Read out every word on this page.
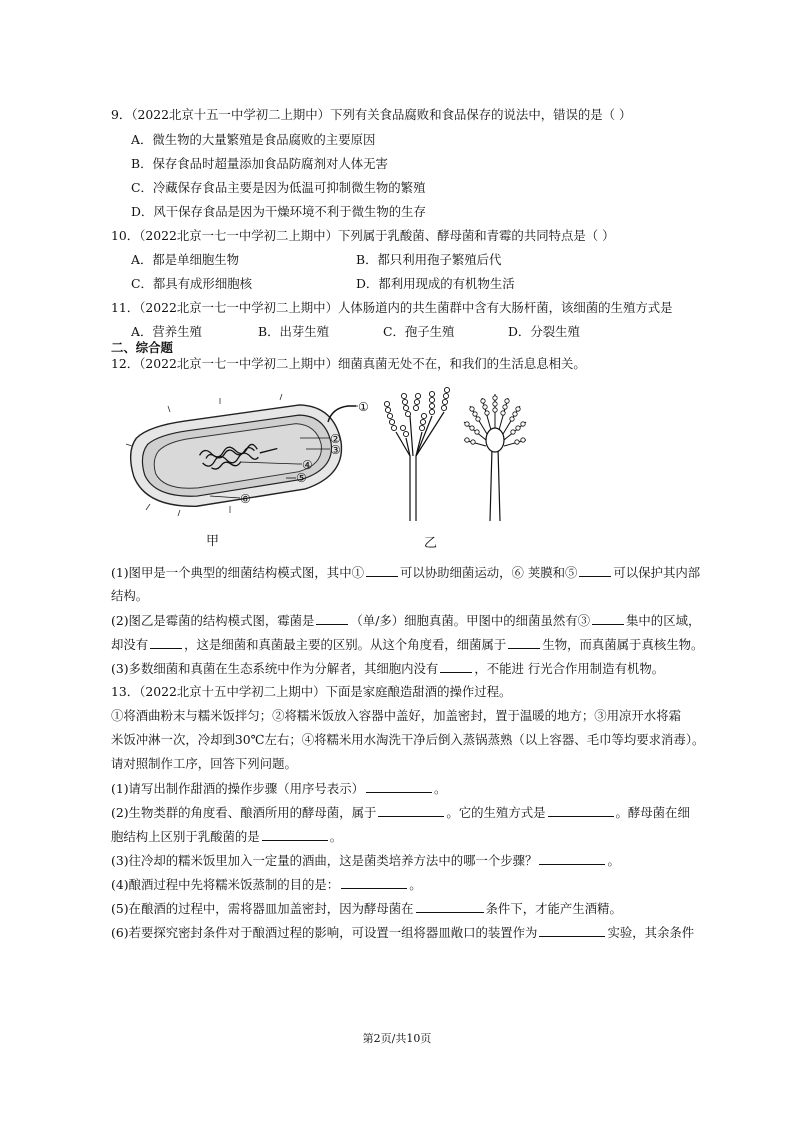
9．（2022北京十五一中学初二上期中）下列有关食品腐败和食品保存的说法中，错误的是（ ）
A．微生物的大量繁殖是食品腐败的主要原因
B．保存食品时超量添加食品防腐剂对人体无害
C．冷藏保存食品主要是因为低温可抑制微生物的繁殖
D．风干保存食品是因为干燥环境不利于微生物的生存
10．（2022北京一七一中学初二上期中）下列属于乳酸菌、酵母菌和青霉的共同特点是（ ）
A．都是单细胞生物	B．都只利用孢子繁殖后代
C．都具有成形细胞核	D．都利用现成的有机物生活
11．（2022北京一七一中学初二上期中）人体肠道内的共生菌群中含有大肠杆菌，该细菌的生殖方式是
A．营养生殖	B．出芽生殖	C．孢子生殖	D．分裂生殖
二、综合题
12．（2022北京一七一中学初二上期中）细菌真菌无处不在，和我们的生活息息相关。
①
②
③
④
⑤
⑥
甲	乙
(1)图甲是一个典型的细菌结构模式图，其中①	可以协助细菌运动，⑥ 荚膜和⑤	可以保护其内部
结构。
(2)图乙是霉菌的结构模式图，霉菌是	（单/多）细胞真菌。甲图中的细菌虽然有③	集中的区域，
却没有	，这是细菌和真菌最主要的区别。从这个角度看，细菌属于	生物，而真菌属于真核生物。
(3)多数细菌和真菌在生态系统中作为分解者，其细胞内没有	，不能进 行光合作用制造有机物。
13．（2022北京十五中学初二上期中）下面是家庭酿造甜酒的操作过程。
①将酒曲粉末与糯米饭拌匀；②将糯米饭放入容器中盖好，加盖密封，置于温暖的地方；③用凉开水将霜
米饭冲淋一次，冷却到30℃左右；④将糯米用水淘洗干净后倒入蒸锅蒸熟（以上容器、毛巾等均要求消毒）。
请对照制作工序，回答下列问题。
(1)请写出制作甜酒的操作步骤（用序号表示）	。
(2)生物类群的角度看、酿酒所用的酵母菌，属于	。它的生殖方式是	。酵母菌在细
胞结构上区别于乳酸菌的是	。
(3)往冷却的糯米饭里加入一定量的酒曲，这是菌类培养方法中的哪一个步骤？	。
(4)酿酒过程中先将糯米饭蒸制的目的是：	。
(5)在酿酒的过程中，需将器皿加盖密封，因为酵母菌在	条件下，才能产生酒精。
(6)若要探究密封条件对于酿酒过程的影响，可设置一组将器皿敞口的装置作为	实验，其余条件
第2页/共10页
